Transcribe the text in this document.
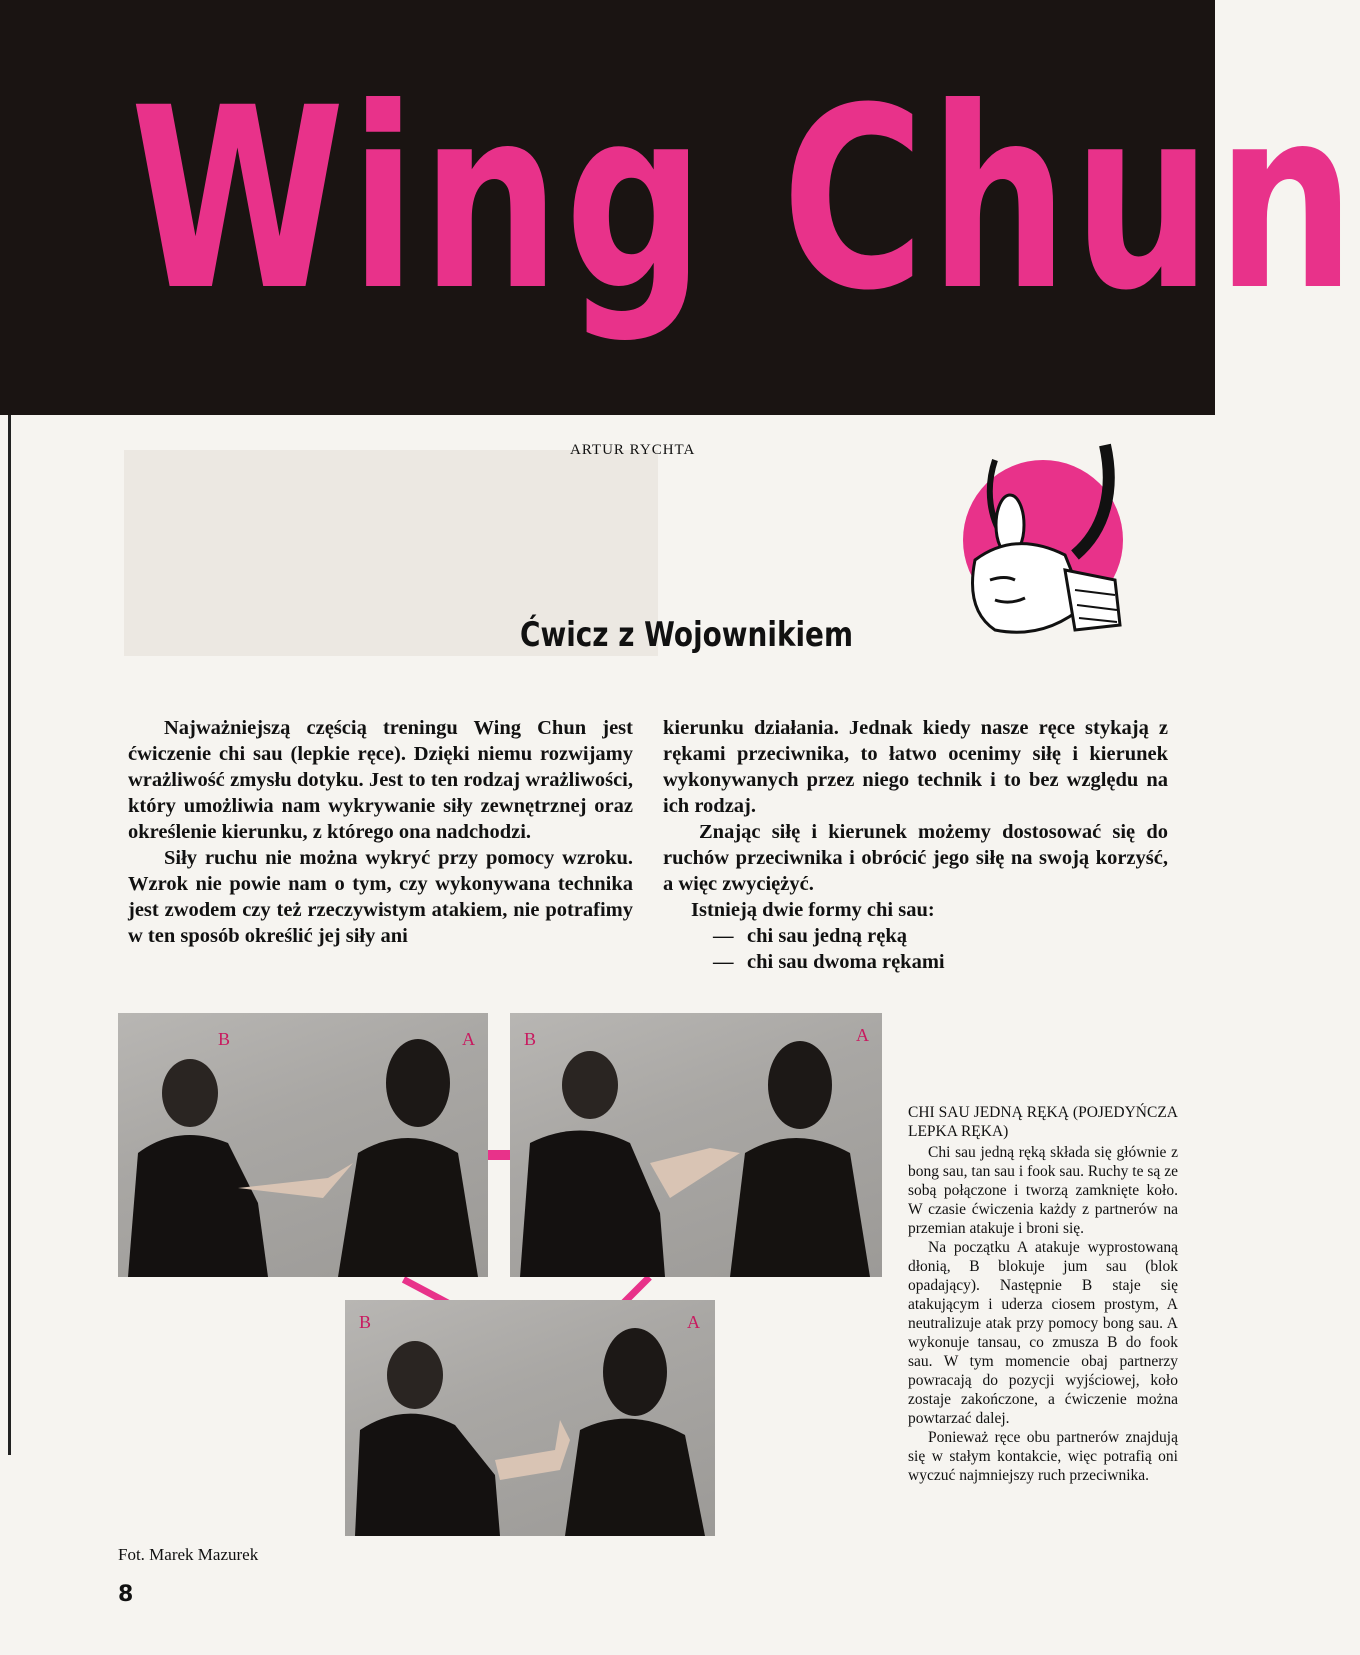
Wing Chun
ARTUR RYCHTA
Ćwicz z Wojownikiem

Najważniejszą częścią treningu Wing Chun jest ćwiczenie chi sau (lepkie ręce). Dzięki niemu rozwijamy wrażliwość zmysłu dotyku. Jest to ten rodzaj wrażliwości, który umożliwia nam wykrywanie siły zewnętrznej oraz określenie kierunku, z którego ona nadchodzi.

Siły ruchu nie można wykryć przy pomocy wzroku. Wzrok nie powie nam o tym, czy wykonywana technika jest zwodem czy też rzeczywistym atakiem, nie potrafimy w ten sposób określić jej siły ani

kierunku działania. Jednak kiedy nasze ręce stykają z rękami przeciwnika, to łatwo ocenimy siłę i kierunek wykonywanych przez niego technik i to bez względu na ich rodzaj.

Znając siłę i kierunek możemy dostosować się do ruchów przeciwnika i obrócić jego siłę na swoją korzyść, a więc zwyciężyć.

Istnieją dwie formy chi sau:

— chi sau jedną ręką

— chi sau dwoma rękami

B	A	B	A
B	A
CHI SAU JEDNĄ RĘKĄ (POJEDYŃCZA LEPKA RĘKA)

Chi sau jedną ręką składa się głównie z bong sau, tan sau i fook sau. Ruchy te są ze sobą połączone i tworzą zamknięte koło. W czasie ćwiczenia każdy z partnerów na przemian atakuje i broni się.

Na początku A atakuje wyprostowaną dłonią, B blokuje jum sau (blok opadający). Następnie B staje się atakującym i uderza ciosem prostym, A neutralizuje atak przy pomocy bong sau. A wykonuje tansau, co zmusza B do fook sau. W tym momencie obaj partnerzy powracają do pozycji wyjściowej, koło zostaje zakończone, a ćwiczenie można powtarzać dalej.

Ponieważ ręce obu partnerów znajdują się w stałym kontakcie, więc potrafią oni wyczuć najmniejszy ruch przeciwnika.

Fot. Marek Mazurek
8
